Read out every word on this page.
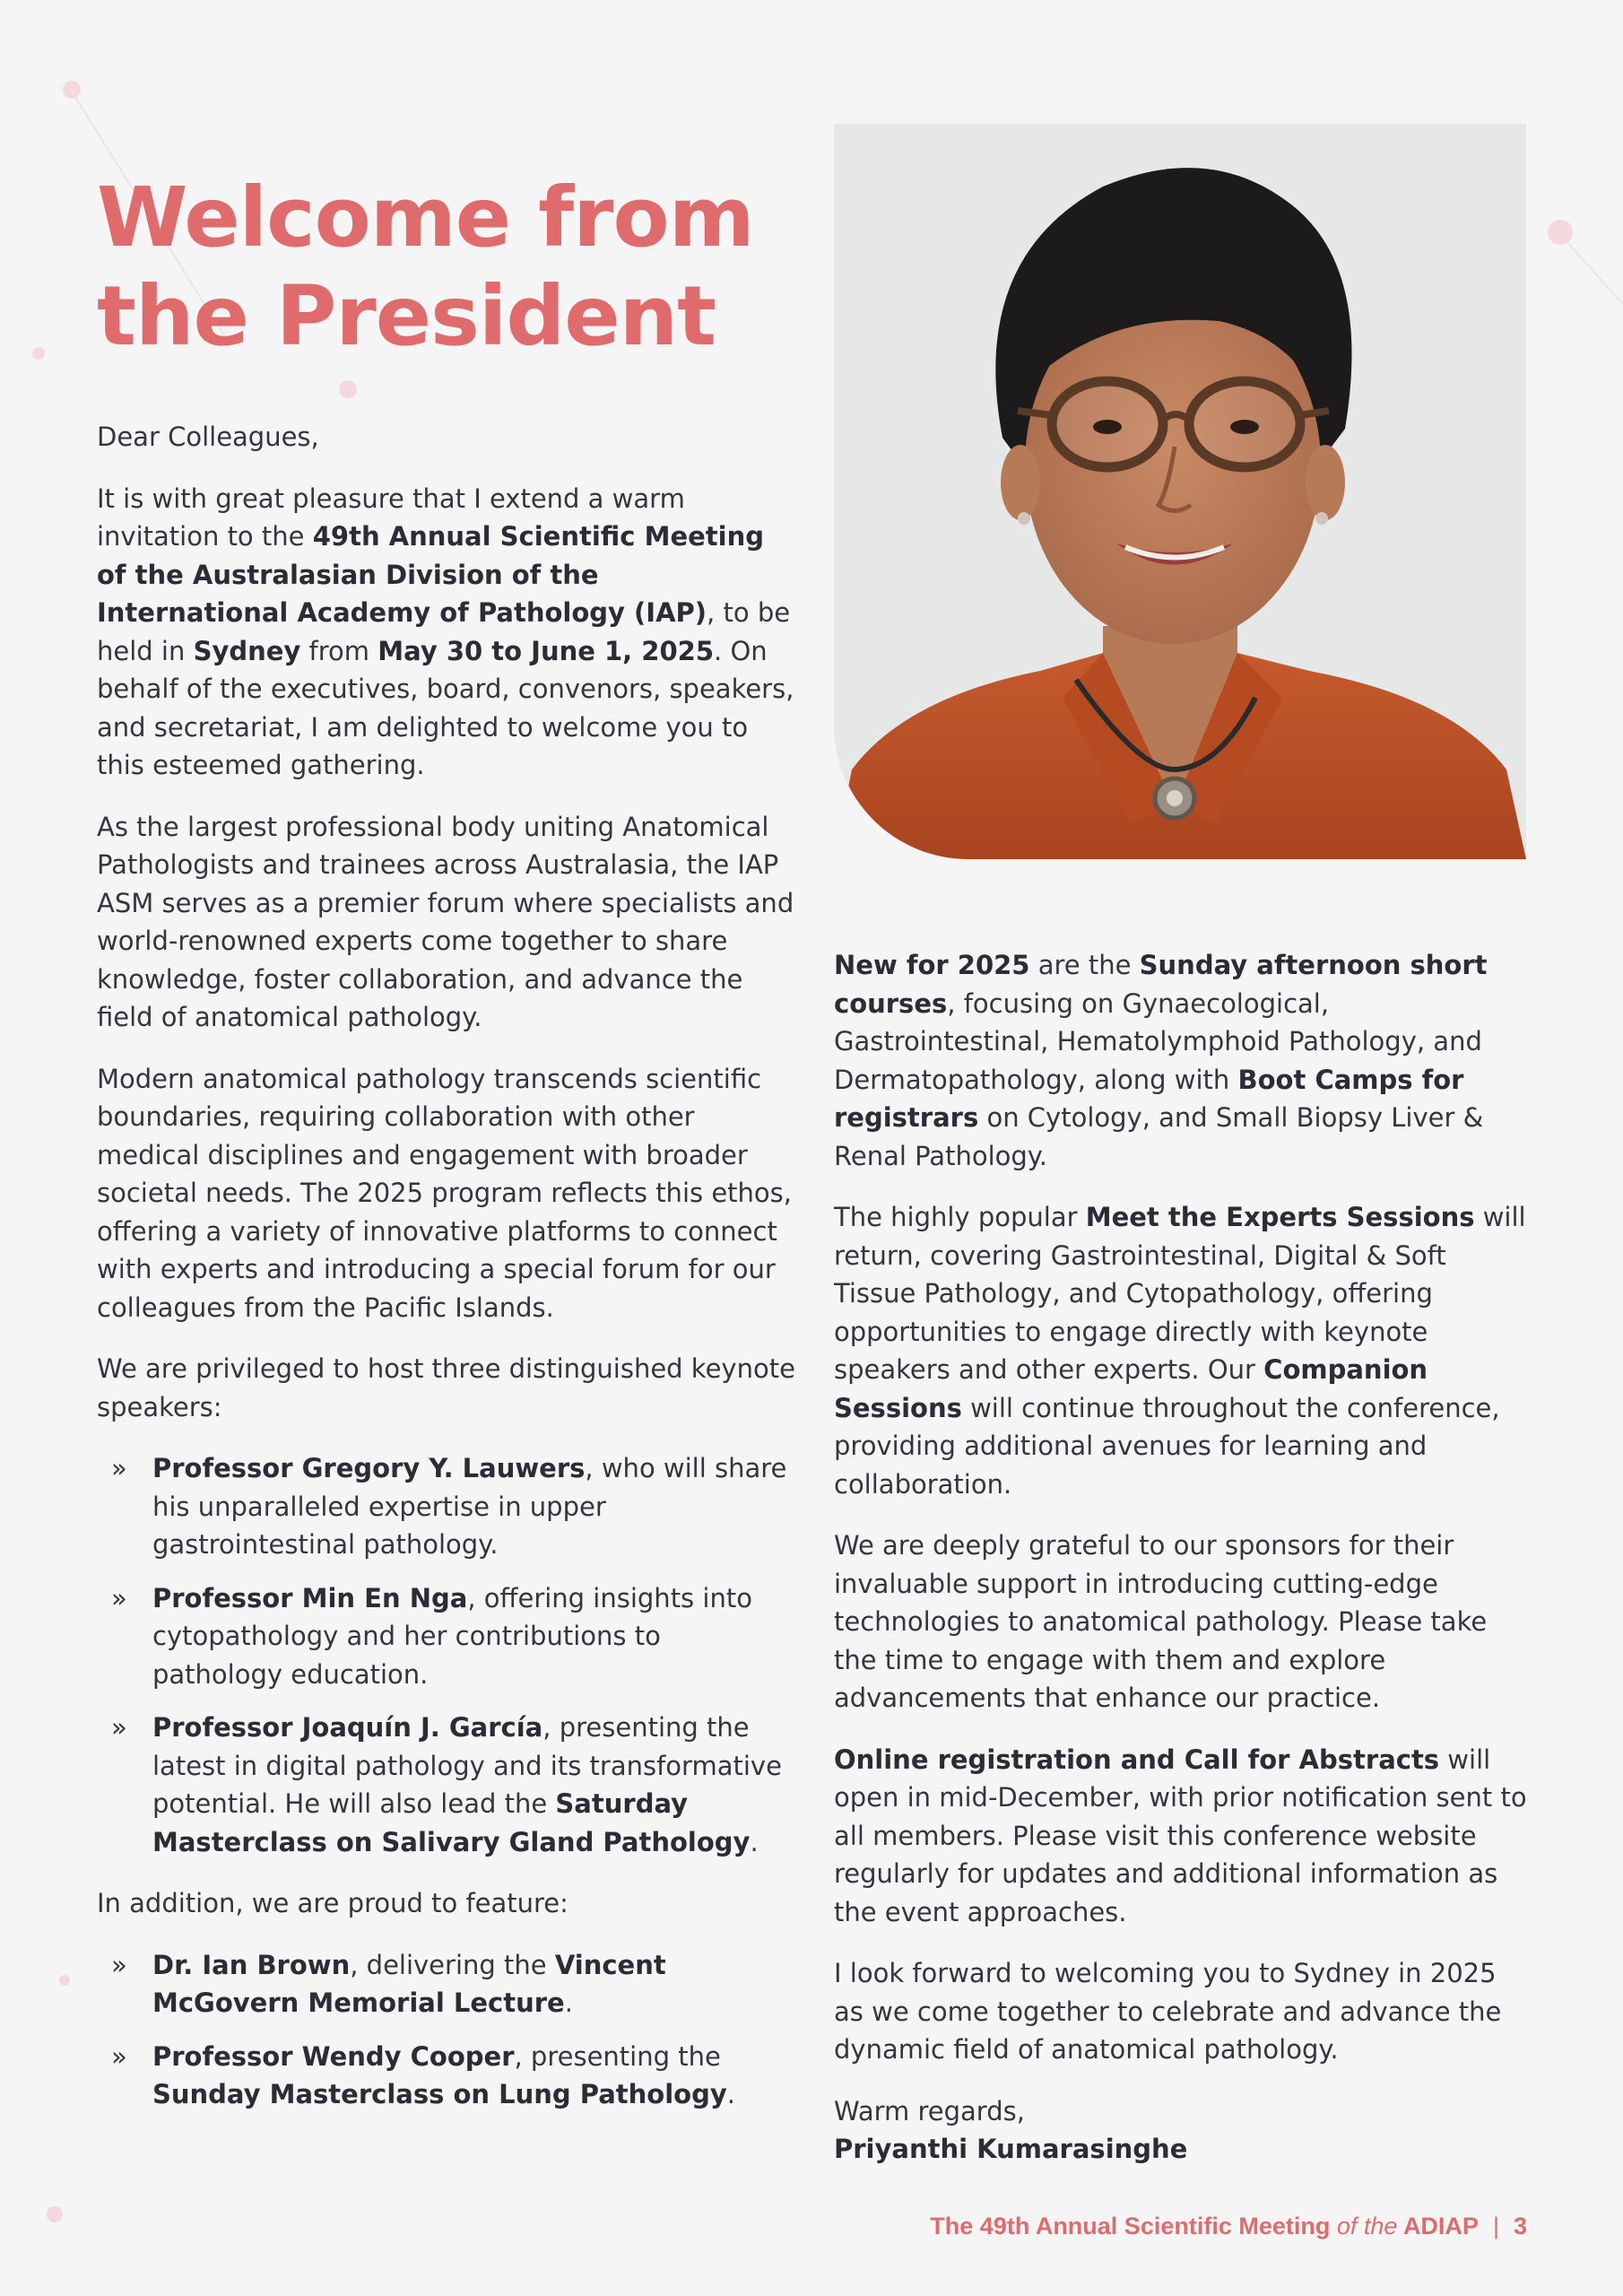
Welcome from
the President

Dear Colleagues,

It is with great pleasure that I extend a warm invitation to the 49th Annual Scientific Meeting of the Australasian Division of the International Academy of Pathology (IAP), to be held in Sydney from May 30 to June 1, 2025. On behalf of the executives, board, convenors, speakers, and secretariat, I am delighted to welcome you to this esteemed gathering.

As the largest professional body uniting Anatomical Pathologists and trainees across Australasia, the IAP ASM serves as a premier forum where specialists and world-renowned experts come together to share knowledge, foster collaboration, and advance the field of anatomical pathology.

Modern anatomical pathology transcends scientific boundaries, requiring collaboration with other medical disciplines and engagement with broader societal needs. The 2025 program reflects this ethos, offering a variety of innovative platforms to connect with experts and introducing a special forum for our colleagues from the Pacific Islands.

We are privileged to host three distinguished keynote speakers:

» Professor Gregory Y. Lauwers, who will share his unparalleled expertise in upper gastrointestinal pathology.
» Professor Min En Nga, offering insights into cytopathology and her contributions to pathology education.
» Professor Joaquín J. García, presenting the latest in digital pathology and its transformative potential. He will also lead the Saturday Masterclass on Salivary Gland Pathology.

In addition, we are proud to feature:

» Dr. Ian Brown, delivering the Vincent McGovern Memorial Lecture.
» Professor Wendy Cooper, presenting the Sunday Masterclass on Lung Pathology.

New for 2025 are the Sunday afternoon short courses, focusing on Gynaecological, Gastrointestinal, Hematolymphoid Pathology, and Dermatopathology, along with Boot Camps for registrars on Cytology, and Small Biopsy Liver & Renal Pathology.

The highly popular Meet the Experts Sessions will return, covering Gastrointestinal, Digital & Soft Tissue Pathology, and Cytopathology, offering opportunities to engage directly with keynote speakers and other experts. Our Companion Sessions will continue throughout the conference, providing additional avenues for learning and collaboration.

We are deeply grateful to our sponsors for their invaluable support in introducing cutting-edge technologies to anatomical pathology. Please take the time to engage with them and explore advancements that enhance our practice.

Online registration and Call for Abstracts will open in mid-December, with prior notification sent to all members. Please visit this conference website regularly for updates and additional information as the event approaches.

I look forward to welcoming you to Sydney in 2025 as we come together to celebrate and advance the dynamic field of anatomical pathology.

Warm regards,
Priyanthi Kumarasinghe

The 49th Annual Scientific Meeting of the ADIAP | 3
